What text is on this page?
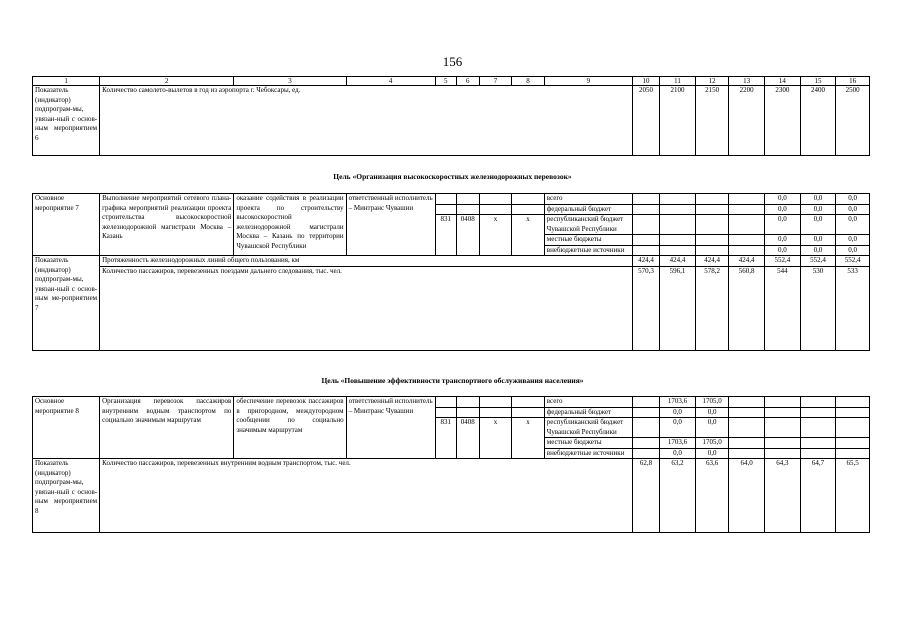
156
1	2	3	4	5	6	7	8	9	10	11	12	13	14	15	16
Показатель (индикатор) подпрограм-мы, увязан-ный с основ-ным мероприятием 6	Количество самолето-вылетов в год из аэропорта г. Чебоксары, ед.								2050	2100	2150	2200	2300	2400	2500
Цель «Организация высокоскоростных железнодорожных перевозок»
Основное мероприятие 7	Выполнение мероприятий сетевого плана-графика мероприятий реализации проекта строительства высокоскоростной железнодорожной магистрали Москва – Казань	оказание содействия в реализации проекта по строительству высокоскоростной железнодорожной магистрали Москва – Казань по территории Чувашской Республики	ответственный исполнитель – Минтранс Чувашии					всего					0,0	0,0	0,0
								федеральный бюджет					0,0	0,0	0,0
				831	0408	x	x	республиканский бюджет Чувашской Республики					0,0	0,0	0,0
								местные бюджеты					0,0	0,0	0,0
								внебюджетные источники					0,0	0,0	0,0
Показатель (индикатор) подпрограм-мы, увязан-ный с основ-ным ме-роприятием 7	Протяженность железнодорожных линий общего пользования, км								424,4	424,4	424,4	424,4	552,4	552,4	552,4
	Количество пассажиров, перевезенных поездами дальнего следования, тыс. чел.								570,3	596,1	578,2	560,8	544	530	533
Цель «Повышение эффективности транспортного обслуживания населения»
Основное мероприятие 8	Организация перевозок пассажиров внутренним водным транспортом по социально значимым маршрутам	обеспечение перевозок пассажиров в пригородном, междугородном сообщении по социально значимым маршрутам	ответственный исполнитель – Минтранс Чувашии					всего		1703,6	1705,0				
								федеральный бюджет		0,0	0,0				
				831	0408	x	x	республиканский бюджет Чувашской Республики		0,0	0,0				
								местные бюджеты		1703,6	1705,0				
								внебюджетные источники		0,0	0,0				
Показатель (индикатор) подпрограм-мы, увязан-ный с основ-ным мероприятием 8	Количество пассажиров, перевезенных внутренним водным транспортом, тыс. чел.								62,8	63,2	63,6	64,0	64,3	64,7	65,5
